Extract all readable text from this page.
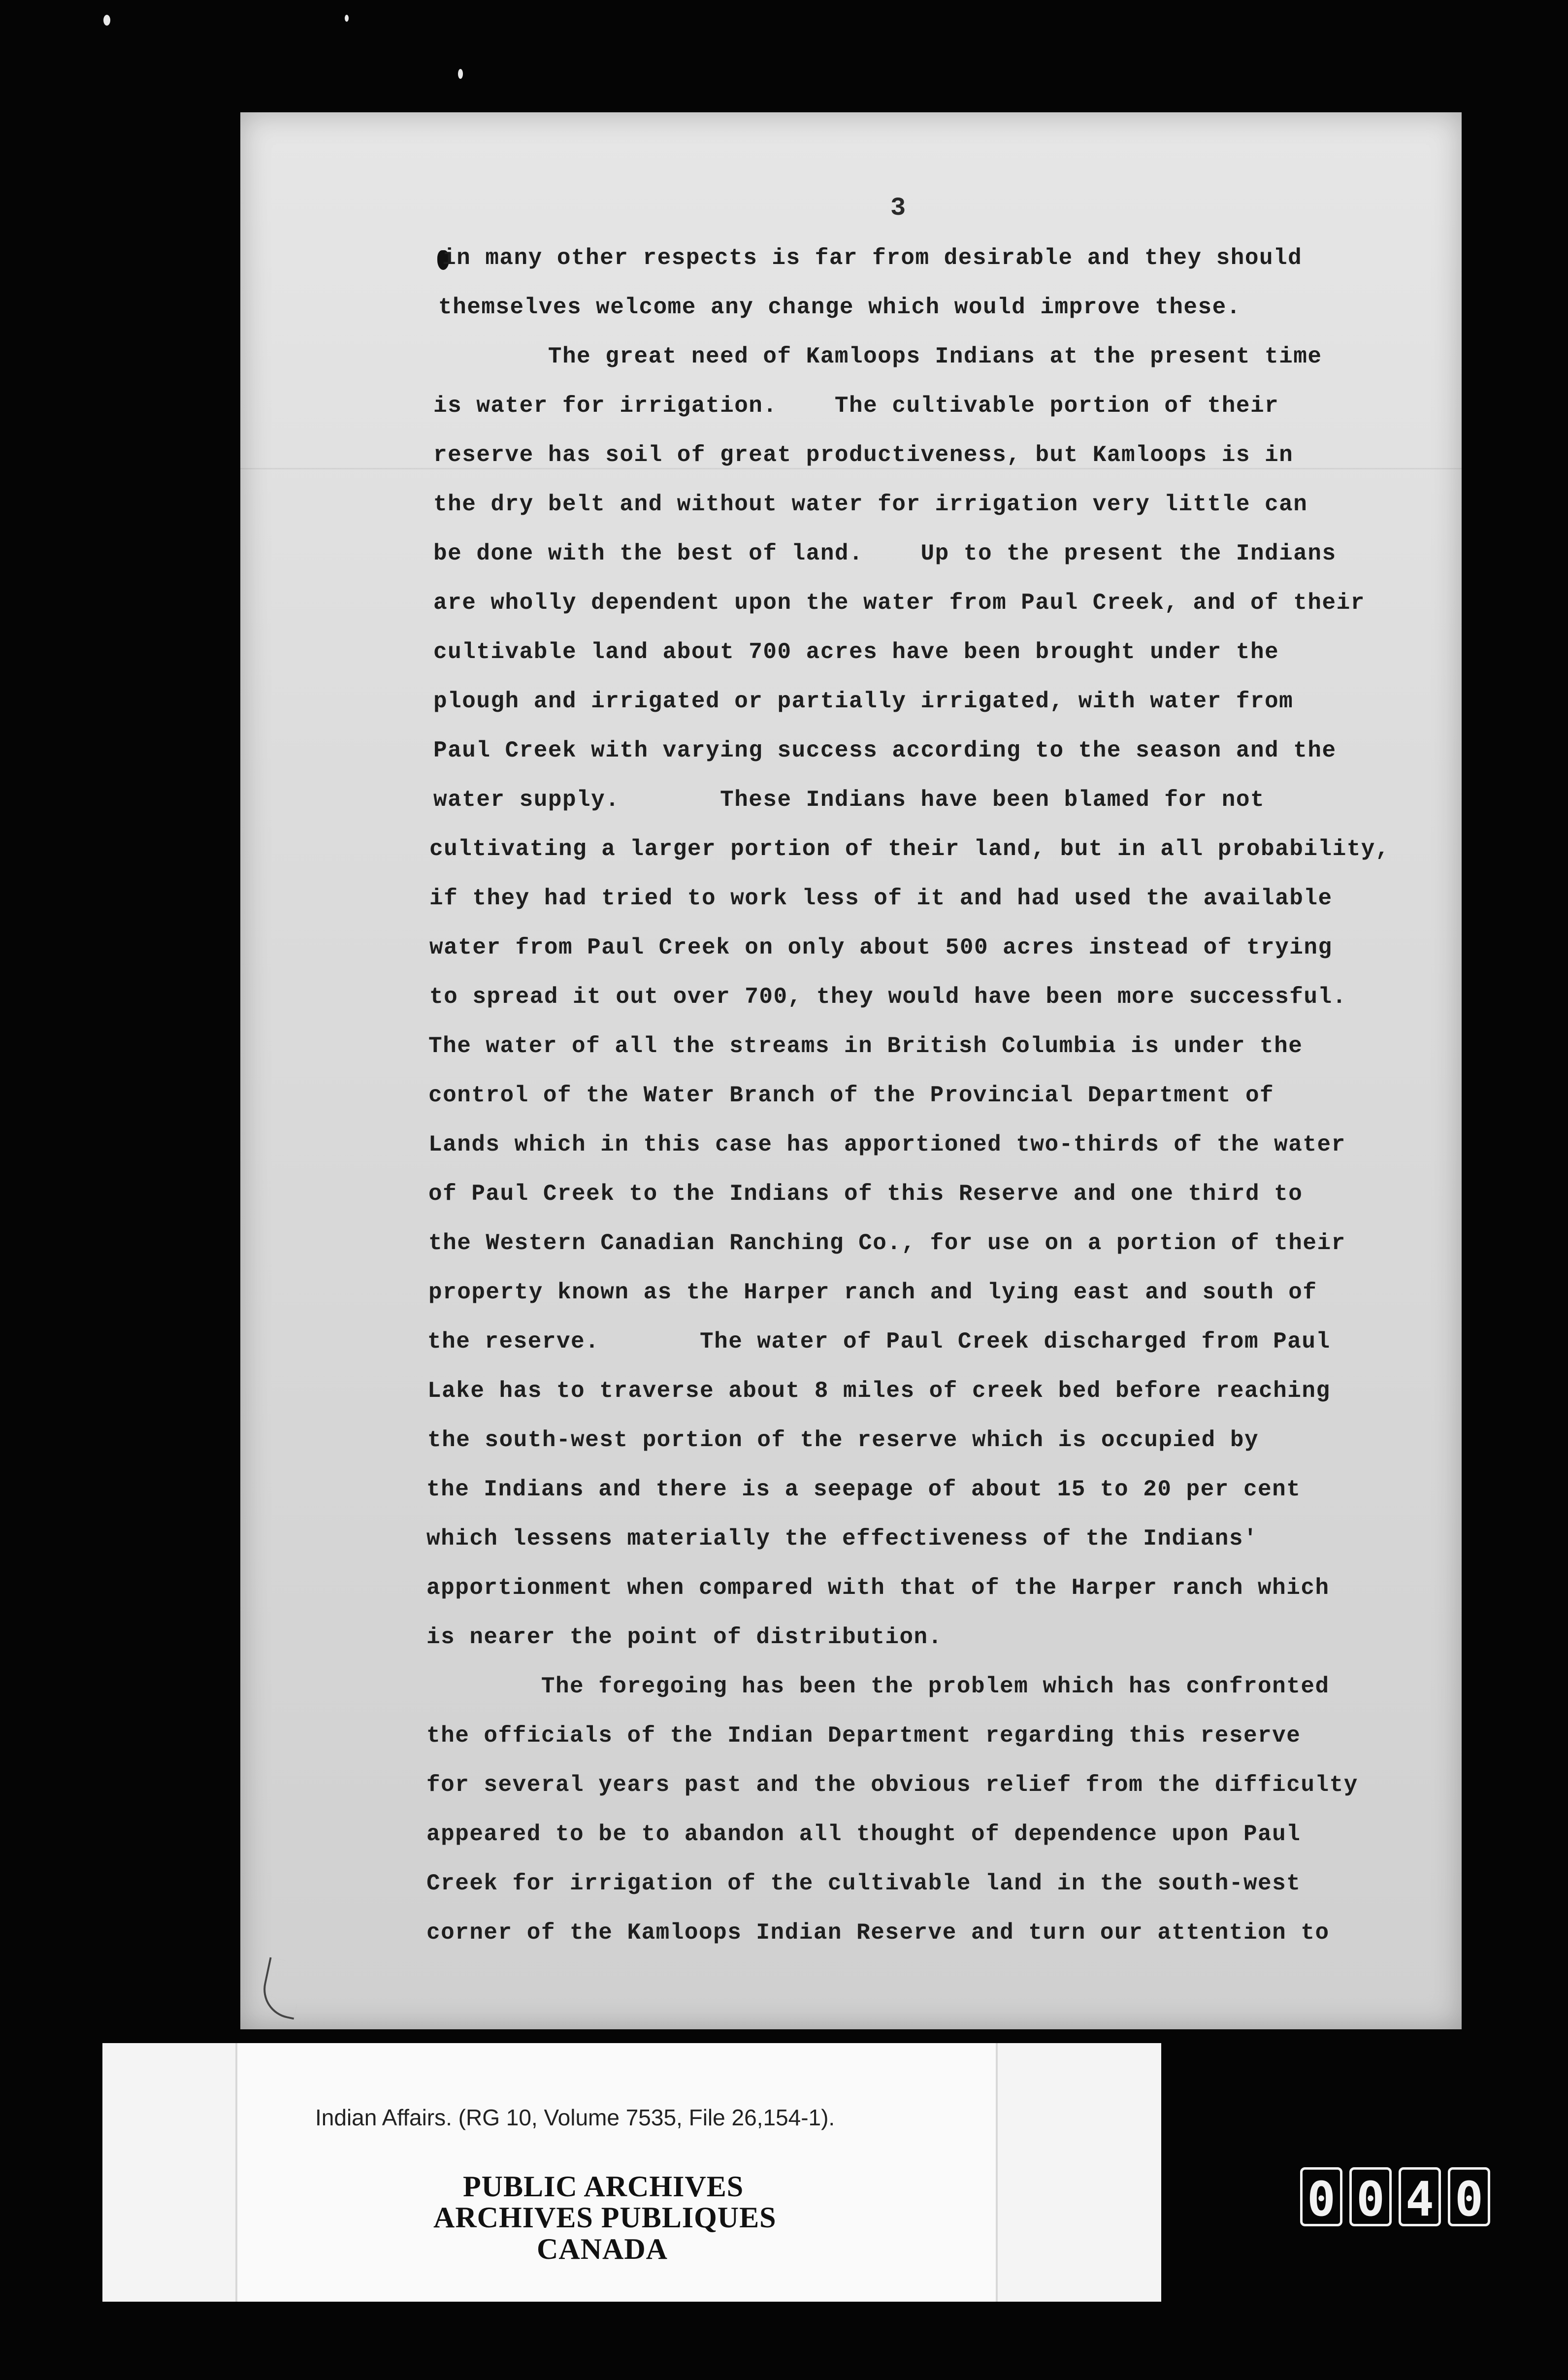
3
in many other respects is far from desirable and they should
themselves welcome any change which would improve these.
The great need of Kamloops Indians at the present time
is water for irrigation.    The cultivable portion of their
reserve has soil of great productiveness, but Kamloops is in
the dry belt and without water for irrigation very little can
be done with the best of land.    Up to the present the Indians
are wholly dependent upon the water from Paul Creek, and of their
cultivable land about 700 acres have been brought under the
plough and irrigated or partially irrigated, with water from
Paul Creek with varying success according to the season and the
water supply.       These Indians have been blamed for not
cultivating a larger portion of their land, but in all probability,
if they had tried to work less of it and had used the available
water from Paul Creek on only about 500 acres instead of trying
to spread it out over 700, they would have been more successful.
The water of all the streams in British Columbia is under the
control of the Water Branch of the Provincial Department of
Lands which in this case has apportioned two-thirds of the water
of Paul Creek to the Indians of this Reserve and one third to
the Western Canadian Ranching Co., for use on a portion of their
property known as the Harper ranch and lying east and south of
the reserve.       The water of Paul Creek discharged from Paul
Lake has to traverse about 8 miles of creek bed before reaching
the south-west portion of the reserve which is occupied by
the Indians and there is a seepage of about 15 to 20 per cent
which lessens materially the effectiveness of the Indians'
apportionment when compared with that of the Harper ranch which
is nearer the point of distribution.
The foregoing has been the problem which has confronted
the officials of the Indian Department regarding this reserve
for several years past and the obvious relief from the difficulty
appeared to be to abandon all thought of dependence upon Paul
Creek for irrigation of the cultivable land in the south-west
corner of the Kamloops Indian Reserve and turn our attention to
Indian Affairs. (RG 10, Volume 7535, File 26,154-1).
PUBLIC ARCHIVES
ARCHIVES PUBLIQUES
CANADA
0 0 4 0
